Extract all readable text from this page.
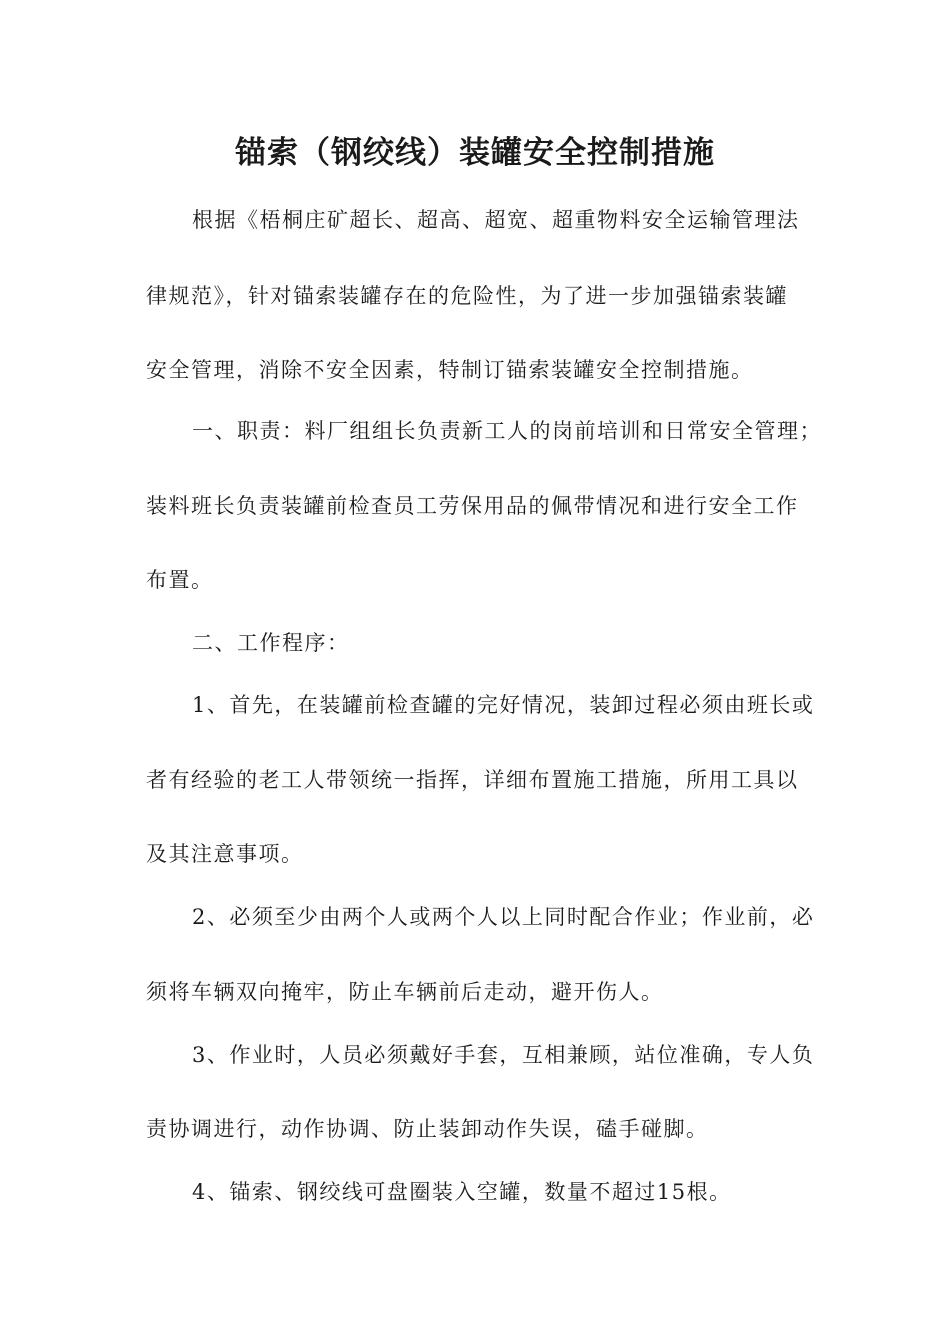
锚索（钢绞线）装罐安全控制措施

根据《梧桐庄矿超长、超高、超宽、超重物料安全运输管理法

律规范》，针对锚索装罐存在的危险性，为了进一步加强锚索装罐

安全管理，消除不安全因素，特制订锚索装罐安全控制措施。

一、职责：料厂组组长负责新工人的岗前培训和日常安全管理；

装料班长负责装罐前检查员工劳保用品的佩带情况和进行安全工作

布置。

二、工作程序：

1、首先，在装罐前检查罐的完好情况，装卸过程必须由班长或

者有经验的老工人带领统一指挥，详细布置施工措施，所用工具以

及其注意事项。

2、必须至少由两个人或两个人以上同时配合作业；作业前，必

须将车辆双向掩牢，防止车辆前后走动，避开伤人。

3、作业时，人员必须戴好手套，互相兼顾，站位准确，专人负

责协调进行，动作协调、防止装卸动作失误，磕手碰脚。

4、锚索、钢绞线可盘圈装入空罐，数量不超过15根。
